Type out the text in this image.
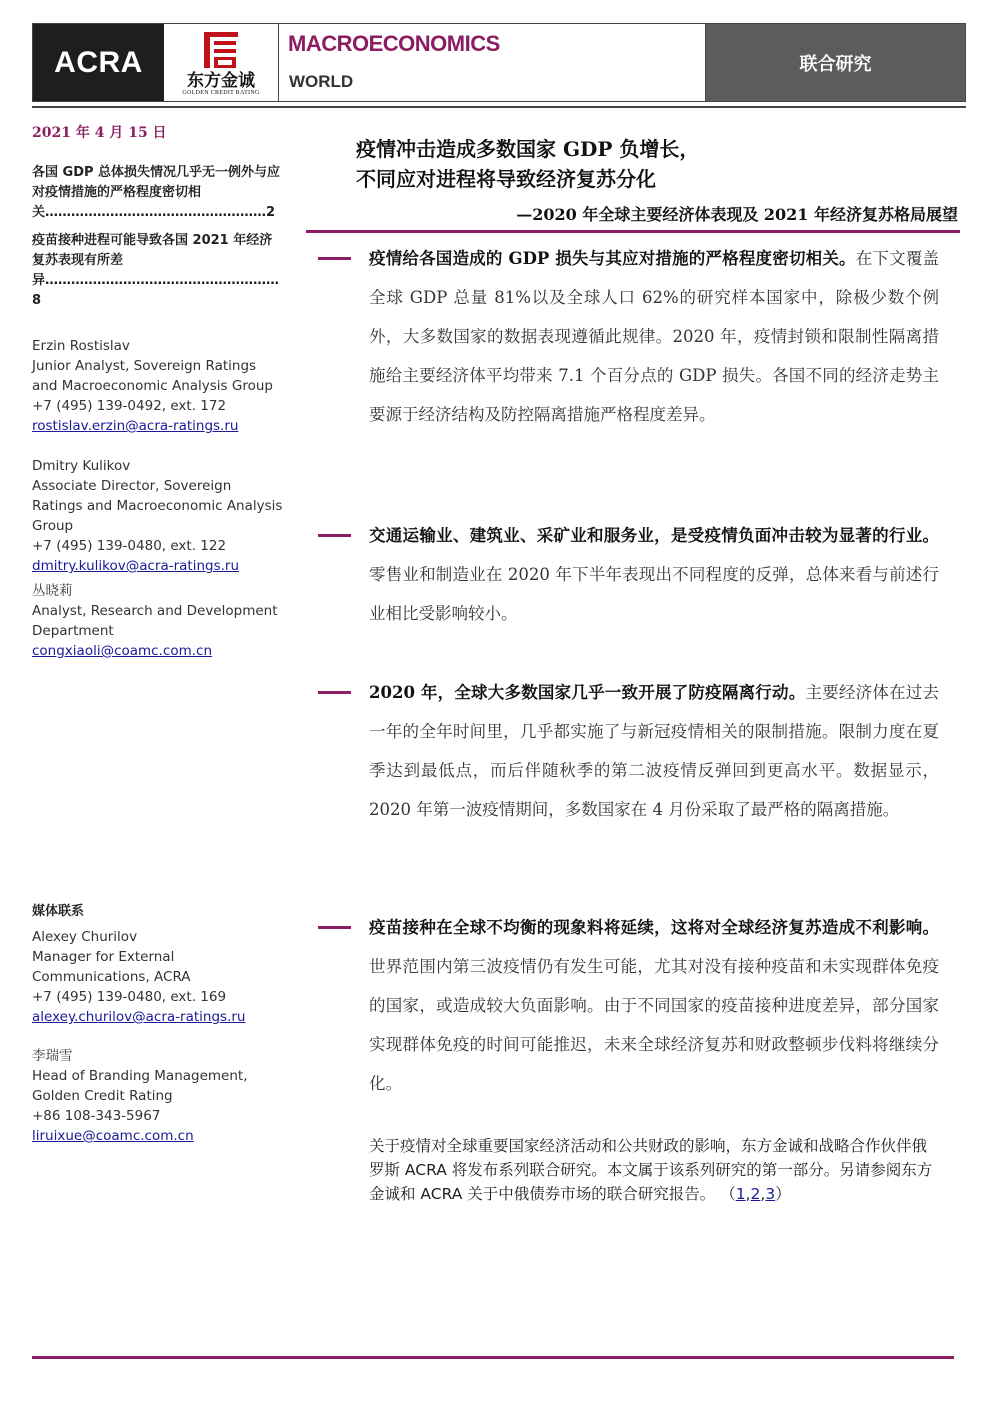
ACRA
东方金诚
GOLDEN CREDIT RATING
MACROECONOMICS
WORLD
联合研究
2021 年 4 月 15 日
各国 GDP 总体损失情况几乎无一例外与应对疫情措施的严格程度密切相关……………………………………………2
疫苗接种进程可能导致各国 2021 年经济复苏表现有所差异………………………………………………8
Erzin Rostislav
Junior Analyst, Sovereign Ratings and Macroeconomic Analysis Group
+7 (495) 139-0492, ext. 172
rostislav.erzin@acra-ratings.ru
Dmitry Kulikov
Associate Director, Sovereign Ratings and Macroeconomic Analysis Group
+7 (495) 139-0480, ext. 122
dmitry.kulikov@acra-ratings.ru
丛晓莉
Analyst, Research and Development Department
congxiaoli@coamc.com.cn
媒体联系
Alexey Churilov
Manager for External Communications, ACRA
+7 (495) 139-0480, ext. 169
alexey.churilov@acra-ratings.ru
李瑞雪
Head of Branding Management, Golden Credit Rating
+86 108-343-5967
liruixue@coamc.com.cn
疫情冲击造成多数国家 GDP 负增长，
不同应对进程将导致经济复苏分化
—2020 年全球主要经济体表现及 2021 年经济复苏格局展望
疫情给各国造成的 GDP 损失与其应对措施的严格程度密切相关。在下文覆盖全球 GDP 总量 81%以及全球人口 62%的研究样本国家中，除极少数个例外，大多数国家的数据表现遵循此规律。2020 年，疫情封锁和限制性隔离措施给主要经济体平均带来 7.1 个百分点的 GDP 损失。各国不同的经济走势主要源于经济结构及防控隔离措施严格程度差异。
交通运输业、建筑业、采矿业和服务业，是受疫情负面冲击较为显著的行业。零售业和制造业在 2020 年下半年表现出不同程度的反弹，总体来看与前述行业相比受影响较小。
2020 年，全球大多数国家几乎一致开展了防疫隔离行动。主要经济体在过去一年的全年时间里，几乎都实施了与新冠疫情相关的限制措施。限制力度在夏季达到最低点，而后伴随秋季的第二波疫情反弹回到更高水平。数据显示，2020 年第一波疫情期间，多数国家在 4 月份采取了最严格的隔离措施。
疫苗接种在全球不均衡的现象料将延续，这将对全球经济复苏造成不利影响。世界范围内第三波疫情仍有发生可能，尤其对没有接种疫苗和未实现群体免疫的国家，或造成较大负面影响。由于不同国家的疫苗接种进度差异，部分国家实现群体免疫的时间可能推迟，未来全球经济复苏和财政整顿步伐料将继续分化。
关于疫情对全球重要国家经济活动和公共财政的影响，东方金诚和战略合作伙伴俄罗斯 ACRA 将发布系列联合研究。本文属于该系列研究的第一部分。另请参阅东方金诚和 ACRA 关于中俄债券市场的联合研究报告。 （1,2,3）
